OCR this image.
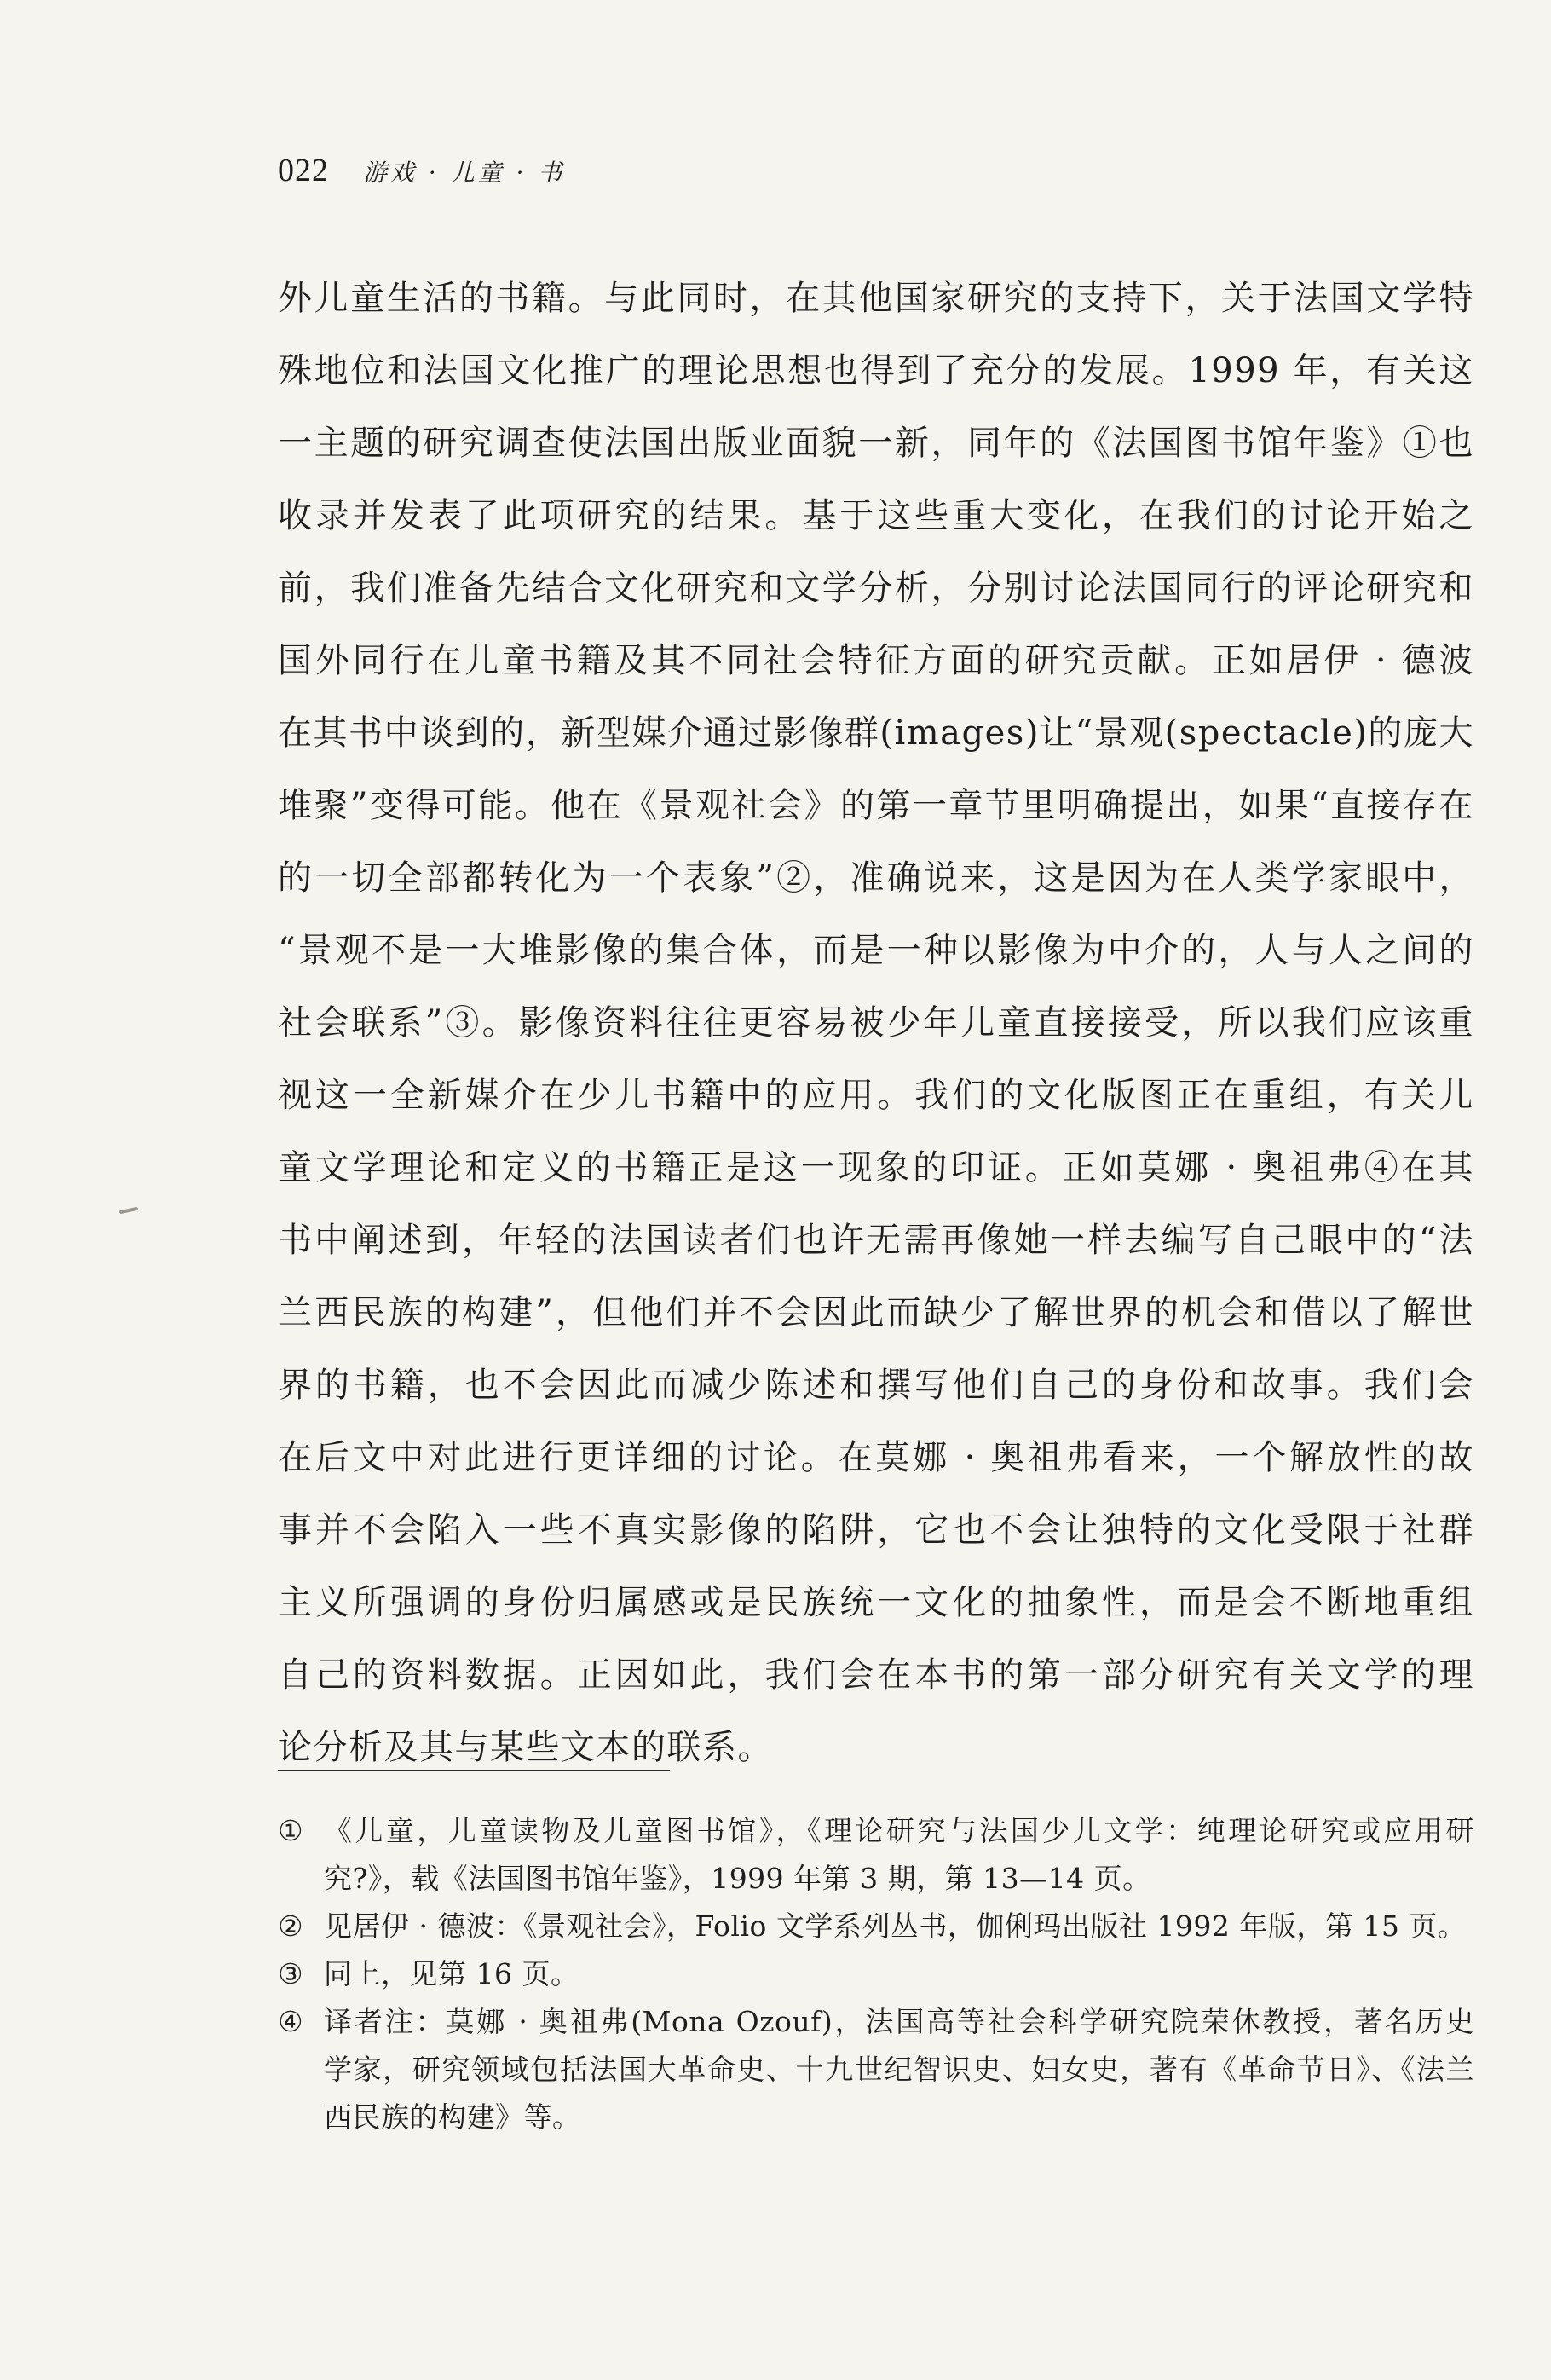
022 游戏 · 儿童 · 书
外儿童生活的书籍。与此同时，在其他国家研究的支持下，关于法国文学特
殊地位和法国文化推广的理论思想也得到了充分的发展。1999 年，有关这
一主题的研究调查使法国出版业面貌一新，同年的《法国图书馆年鉴》①也
收录并发表了此项研究的结果。基于这些重大变化，在我们的讨论开始之
前，我们准备先结合文化研究和文学分析，分别讨论法国同行的评论研究和
国外同行在儿童书籍及其不同社会特征方面的研究贡献。正如居伊 · 德波
在其书中谈到的，新型媒介通过影像群(images)让“景观(spectacle)的庞大
堆聚”变得可能。他在《景观社会》的第一章节里明确提出，如果“直接存在
的一切全部都转化为一个表象”②，准确说来，这是因为在人类学家眼中，
“景观不是一大堆影像的集合体，而是一种以影像为中介的，人与人之间的
社会联系”③。影像资料往往更容易被少年儿童直接接受，所以我们应该重
视这一全新媒介在少儿书籍中的应用。我们的文化版图正在重组，有关儿
童文学理论和定义的书籍正是这一现象的印证。正如莫娜 · 奥祖弗④在其
书中阐述到，年轻的法国读者们也许无需再像她一样去编写自己眼中的“法
兰西民族的构建”，但他们并不会因此而缺少了解世界的机会和借以了解世
界的书籍，也不会因此而减少陈述和撰写他们自己的身份和故事。我们会
在后文中对此进行更详细的讨论。在莫娜 · 奥祖弗看来，一个解放性的故
事并不会陷入一些不真实影像的陷阱，它也不会让独特的文化受限于社群
主义所强调的身份归属感或是民族统一文化的抽象性，而是会不断地重组
自己的资料数据。正因如此，我们会在本书的第一部分研究有关文学的理
论分析及其与某些文本的联系。
① 《儿童，儿童读物及儿童图书馆》，《理论研究与法国少儿文学：纯理论研究或应用研
究?》，载《法国图书馆年鉴》，1999 年第 3 期，第 13—14 页。
② 见居伊 · 德波：《景观社会》，Folio 文学系列丛书，伽俐玛出版社 1992 年版，第 15 页。
③ 同上，见第 16 页。
④ 译者注：莫娜 · 奥祖弗(Mona Ozouf)，法国高等社会科学研究院荣休教授，著名历史
学家，研究领域包括法国大革命史、十九世纪智识史、妇女史，著有《革命节日》、《法兰
西民族的构建》等。
